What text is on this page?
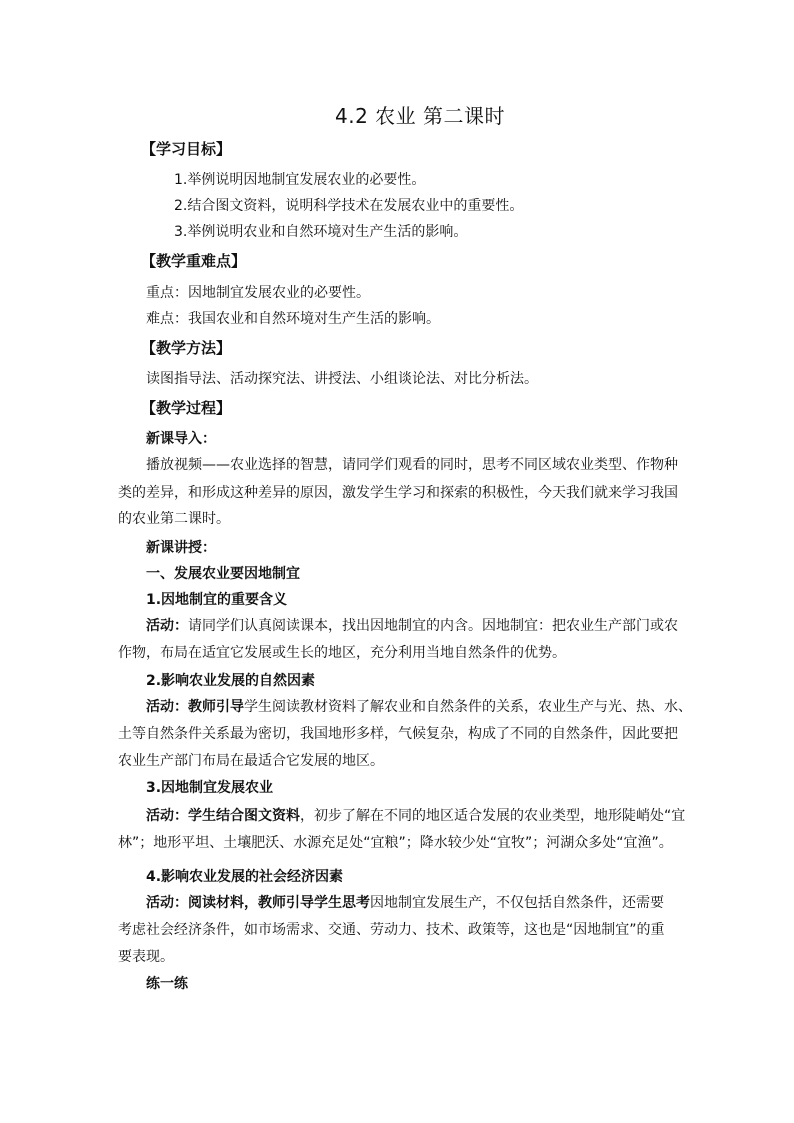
4.2 农业 第二课时
【学习目标】
1.举例说明因地制宜发展农业的必要性。
2.结合图文资料，说明科学技术在发展农业中的重要性。
3.举例说明农业和自然环境对生产生活的影响。
【教学重难点】
重点：因地制宜发展农业的必要性。
难点：我国农业和自然环境对生产生活的影响。
【教学方法】
读图指导法、活动探究法、讲授法、小组谈论法、对比分析法。
【教学过程】
新课导入：
播放视频——农业选择的智慧，请同学们观看的同时，思考不同区域农业类型、作物种
类的差异，和形成这种差异的原因，激发学生学习和探索的积极性，今天我们就来学习我国
的农业第二课时。
新课讲授：
一、发展农业要因地制宜
1.因地制宜的重要含义
活动：请同学们认真阅读课本，找出因地制宜的内含。因地制宜：把农业生产部门或农
作物，布局在适宜它发展或生长的地区，充分利用当地自然条件的优势。
2.影响农业发展的自然因素
活动：教师引导学生阅读教材资料了解农业和自然条件的关系，农业生产与光、热、水、
土等自然条件关系最为密切，我国地形多样，气候复杂，构成了不同的自然条件，因此要把
农业生产部门布局在最适合它发展的地区。
3.因地制宜发展农业
活动：学生结合图文资料，初步了解在不同的地区适合发展的农业类型，地形陡峭处“宜
林”；地形平坦、土壤肥沃、水源充足处“宜粮”；降水较少处“宜牧”；河湖众多处“宜渔”。
4.影响农业发展的社会经济因素
活动：阅读材料，教师引导学生思考因地制宜发展生产，不仅包括自然条件，还需要
考虑社会经济条件，如市场需求、交通、劳动力、技术、政策等，这也是“因地制宜”的重
要表现。
练一练
